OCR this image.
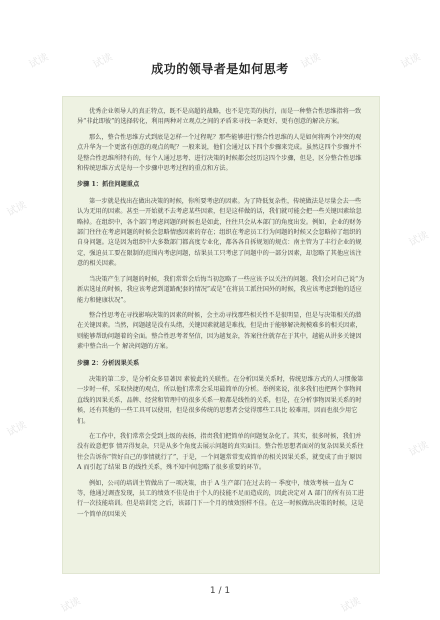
成功的领导者是如何思考

优秀企业领导人的真正特点，既不是高超的战略，也不是完美的执行，而是一种整合性思维指将一致异“非此即彼”的选择转化，利用两种对立观点之间的矛盾来寻找一条更好、更有创意的解决方案。

那么，整合性思维方式到底是怎样一个过程呢？那些能够进行整合性思维的人是如何将两个冲突的观点升华为一个更富有创意的观点的呢？一般来说，他们会通过以下四个步骤来完成。虽然这四个步骤并不是整合性思维所特有的，每个人通过思考、进行决策的时候都会经历这四个步骤，但是，区分整合性思维和传统思维方式是每一个步骤中思考过程的重点和方法。

步骤 1：抓住问题重点

第一步就是找出在做出决策的时候，你所要考虑的因素。为了降低复杂性，传统做法是尽量会去一些认为无用的因素。甚至一开始就不去考虑某些因素，但是这样做的话，我们就可能会把一些关键因素给忽略掉。在组织中，各个部门考虑问题的时候也是如此，往往只会从本部门的角度出发。例如，企业的财务部门往往在考虑问题的时候会忽略情感因素的存在；组织在考虑员工行为问题的时候又会忽略掉了组织的自身问题。这是因为组织中大多数部门都高度专业化，都各各自拆规划的规点：南主管为了丰行企业的规定，强迫员工要在限制的范围内考虑问题，结果员工只考虑了问题中的一部分因素，却忽略了其他应该注意的相关因素。

当决策产生了问题的时候，我们常常会后悔当初忽略了一些应该予以关注的问题。我们会对自己说“为新店选址的时候，我应该考虑到道路配套的情况”或是“在将员工派往国外的时候，我应该考虑到他的适应能力和健康状况”。

整合性思考在寻找影响决策的因素的时候，会主动寻找那些相关性不是很明显，但是与决策相关的潜在关键因素。当然，问题越是没有头绪，关键因素就越是难找，但是由于能够解决规模难多的相关因素，则能够帮助问题着的全面。整合性思考者坚信，因为越复杂，答案往往就存在于其中，越能从讲多关键因素中整合出一个 解决问题的方案。

步骤 2：分析因果关系

决策的第二步，是分析众多显著因 素彼此的关联性。在分析因果关系时，传统思维方式的人习惯像第一步时一样，采取快捷的观点，所以他们常常会采用最简单的分析。举例来说，很多我们也把两个事物间直线的因果关系，品牌、经营和管理中的很多关系一般都是线性的关系，但是，在分析事物因果关系的时候，还有其他的一些工具可以使用，但是很多传统的思想者会觉得那些工具比 较难用，因而也很少用它们。

在工作中，我们常常会受到上级的表扬，指责我们把简单的问题复杂化了。其实，很多时候，我们并没有故意把事 情弄得复杂，只是从多个角度去展示问题的真实面目。整合性思想者面对的复杂因果关系往往会告诉你“管好自己的事情就行了”，于是，一个问题常常变成简单的相关因果关系，就变成了由于原因 A 而引起了结果 B 的线性关系，殊不知中间忽略了很多重要的环节。

例如，公司的培训主管做出了一项决策，由于 A 生产部门在过去的一 季度中，绩效考核一直为 C 等，他通过调查发现，员工的绩效不佳是由于个人的技能不足而造成的，因此决定对 A 部门的所有员工进行一次技能培训。但是培训完 之后，该部门下一个月的绩效照样不佳。在这一时候做出决策的时候，这是一个简单的因果关

1 / 1
试读	试读	试读	试读
试读
试读
试读
试读
试读	试读
